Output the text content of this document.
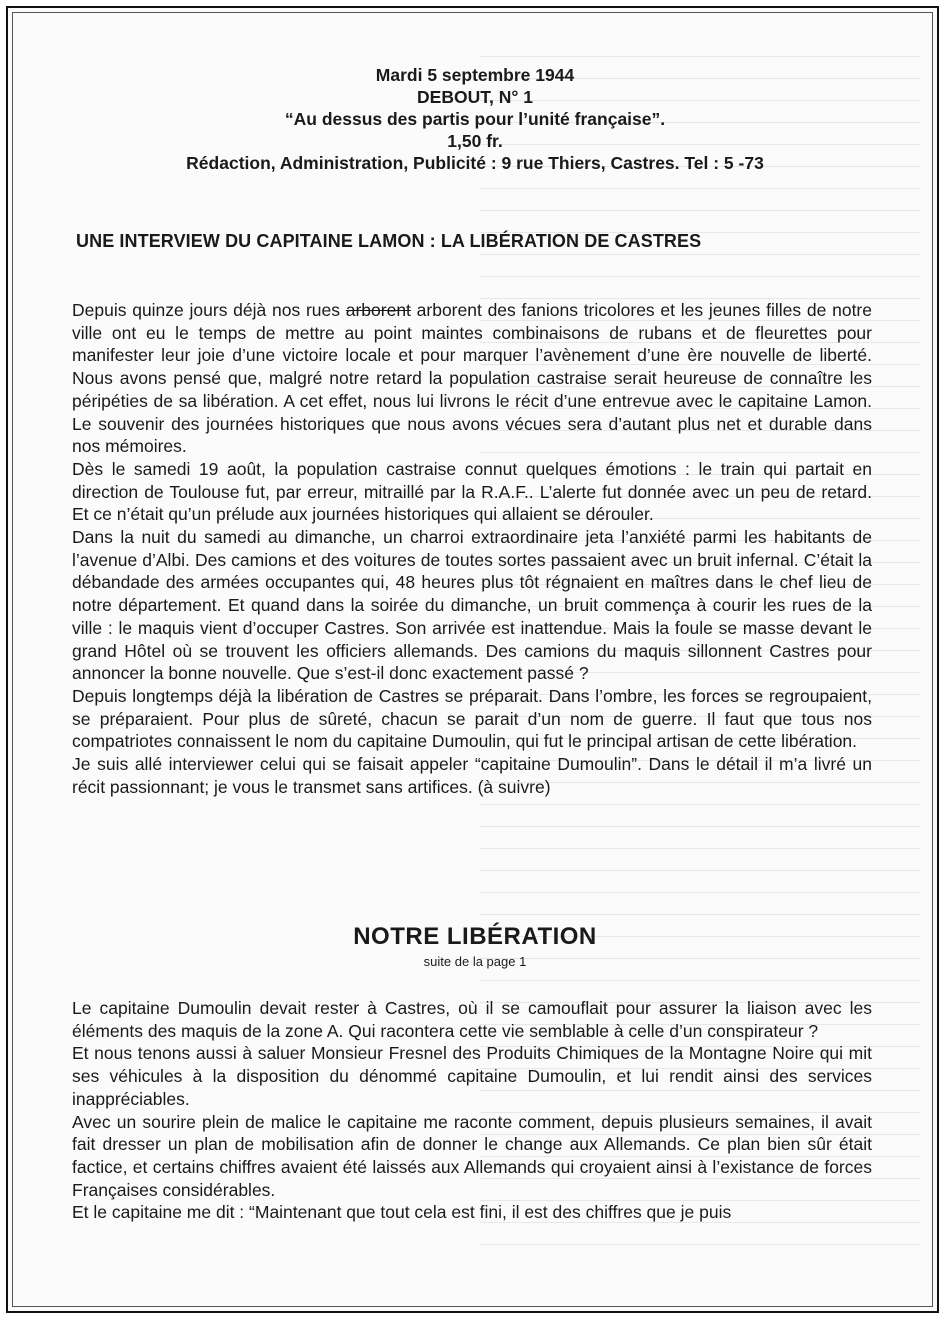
Mardi 5 septembre 1944
DEBOUT, N° 1
“Au dessus des partis pour l’unité française”.
1,50 fr.
Rédaction, Administration, Publicité : 9 rue Thiers, Castres. Tel : 5 -73
UNE INTERVIEW DU CAPITAINE LAMON : LA LIBÉRATION DE CASTRES

Depuis quinze jours déjà nos rues arborent arborent des fanions tricolores et les jeunes filles de notre ville ont eu le temps de mettre au point maintes combinaisons de rubans et de fleurettes pour manifester leur joie d’une victoire locale et pour marquer l’avènement d’une ère nouvelle de liberté. Nous avons pensé que, malgré notre retard la population castraise serait heureuse de connaître les péripéties de sa libération. A cet effet, nous lui livrons le récit d’une entrevue avec le capitaine Lamon. Le souvenir des journées historiques que nous avons vécues sera d’autant plus net et durable dans nos mémoires.

Dès le samedi 19 août, la population castraise connut quelques émotions : le train qui partait en direction de Toulouse fut, par erreur, mitraillé par la R.A.F.. L’alerte fut donnée avec un peu de retard. Et ce n’était qu’un prélude aux journées historiques qui allaient se dérouler.

Dans la nuit du samedi au dimanche, un charroi extraordinaire jeta l’anxiété parmi les habitants de l’avenue d’Albi. Des camions et des voitures de toutes sortes passaient avec un bruit infernal. C’était la débandade des armées occupantes qui, 48 heures plus tôt régnaient en maîtres dans le chef lieu de notre département. Et quand dans la soirée du dimanche, un bruit commença à courir les rues de la ville : le maquis vient d’occuper Castres. Son arrivée est inattendue. Mais la foule se masse devant le grand Hôtel où se trouvent les officiers allemands. Des camions du maquis sillonnent Castres pour annoncer la bonne nouvelle. Que s’est-il donc exactement passé ?

Depuis longtemps déjà la libération de Castres se préparait. Dans l’ombre, les forces se regroupaient, se préparaient. Pour plus de sûreté, chacun se parait d’un nom de guerre. Il faut que tous nos compatriotes connaissent le nom du capitaine Dumoulin, qui fut le principal artisan de cette libération.

Je suis allé interviewer celui qui se faisait appeler “capitaine Dumoulin”. Dans le détail il m’a livré un récit passionnant; je vous le transmet sans artifices. (à suivre)

NOTRE LIBÉRATION
suite de la page 1

Le capitaine Dumoulin devait rester à Castres, où il se camouflait pour assurer la liaison avec les éléments des maquis de la zone A. Qui racontera cette vie semblable à celle d’un conspirateur ?

Et nous tenons aussi à saluer Monsieur Fresnel des Produits Chimiques de la Montagne Noire qui mit ses véhicules à la disposition du dénommé capitaine Dumoulin, et lui rendit ainsi des services inappréciables.

Avec un sourire plein de malice le capitaine me raconte comment, depuis plusieurs semaines, il avait fait dresser un plan de mobilisation afin de donner le change aux Allemands. Ce plan bien sûr était factice, et certains chiffres avaient été laissés aux Allemands qui croyaient ainsi à l’existance de forces Françaises considérables.

Et le capitaine me dit : “Maintenant que tout cela est fini, il est des chiffres que je puis
